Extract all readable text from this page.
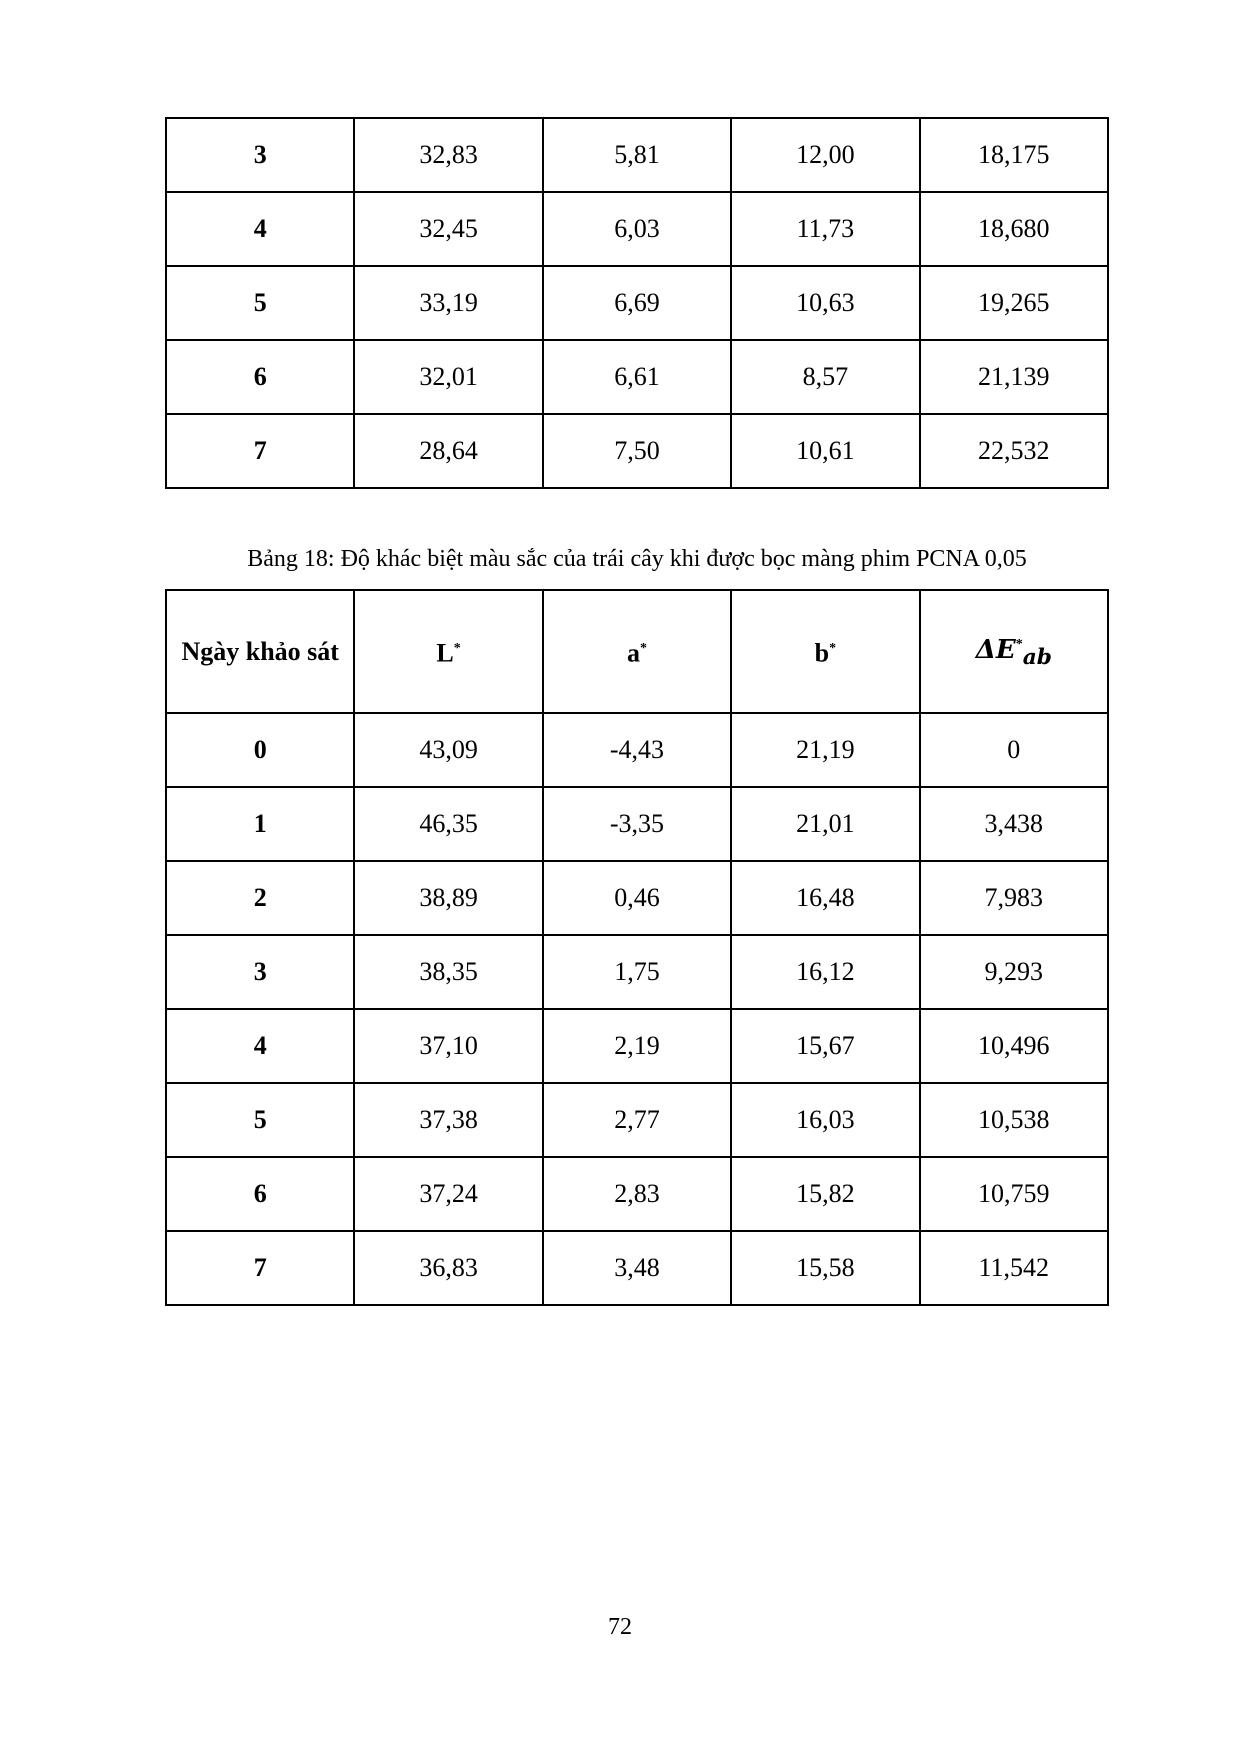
3	32,83	5,81	12,00	18,175
4	32,45	6,03	11,73	18,680
5	33,19	6,69	10,63	19,265
6	32,01	6,61	8,57	21,139
7	28,64	7,50	10,61	22,532
Bảng 18: Độ khác biệt màu sắc của trái cây khi được bọc màng phim PCNA 0,05
Ngày khảo sát	L*	a*	b*	$\Delta E^*_{ab}$
0	43,09	-4,43	21,19	0
1	46,35	-3,35	21,01	3,438
2	38,89	0,46	16,48	7,983
3	38,35	1,75	16,12	9,293
4	37,10	2,19	15,67	10,496
5	37,38	2,77	16,03	10,538
6	37,24	2,83	15,82	10,759
7	36,83	3,48	15,58	11,542
72
